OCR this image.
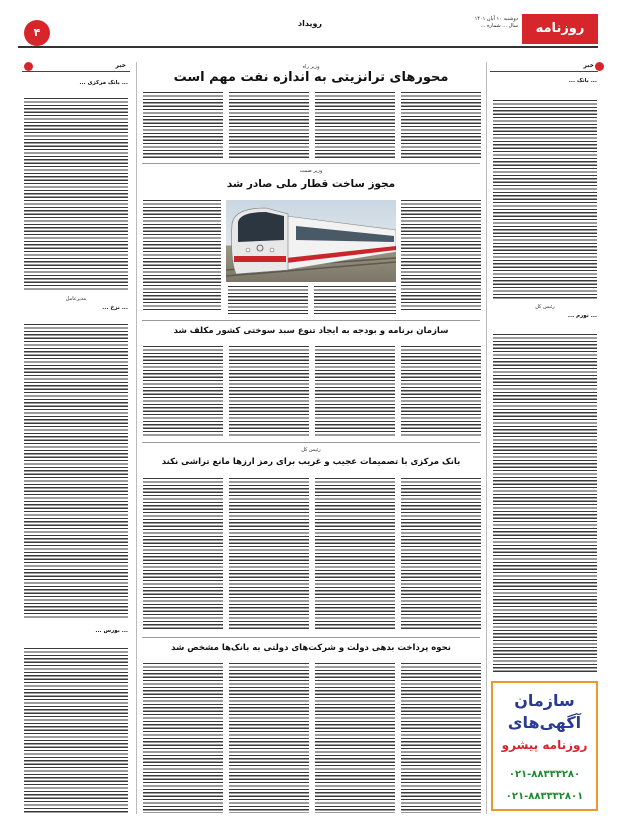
روزنامه پیشرو
دوشنبه ۱۰ آبان ۱۴۰۱
سال ... شماره ...
رویداد
۴
خبر
... بانک ...
رئیس کل
... تورم ...
خبر
... بانک مرکزی ...
مدیرعامل
... نرخ ...
... بورس ...
وزیر راه
محورهای ترانزیتی به اندازه نفت مهم است
وزیر صمت
مجوز ساخت قطار ملی صادر شد
سازمان برنامه و بودجه به ایجاد تنوع سبد سوختی کشور مکلف شد
رئیس کل
بانک مرکزی با تصمیمات عجیب و غریب برای رمز ارزها مانع تراشی نکند
نحوه پرداخت بدهی دولت و شرکت‌های دولتی به بانک‌ها مشخص شد
سازمان
آگهی‌های
روزنامه پیشرو
۰۲۱-۸۸۳۳۳۲۸۰
۰۲۱-۸۸۳۳۳۲۸۰۱
